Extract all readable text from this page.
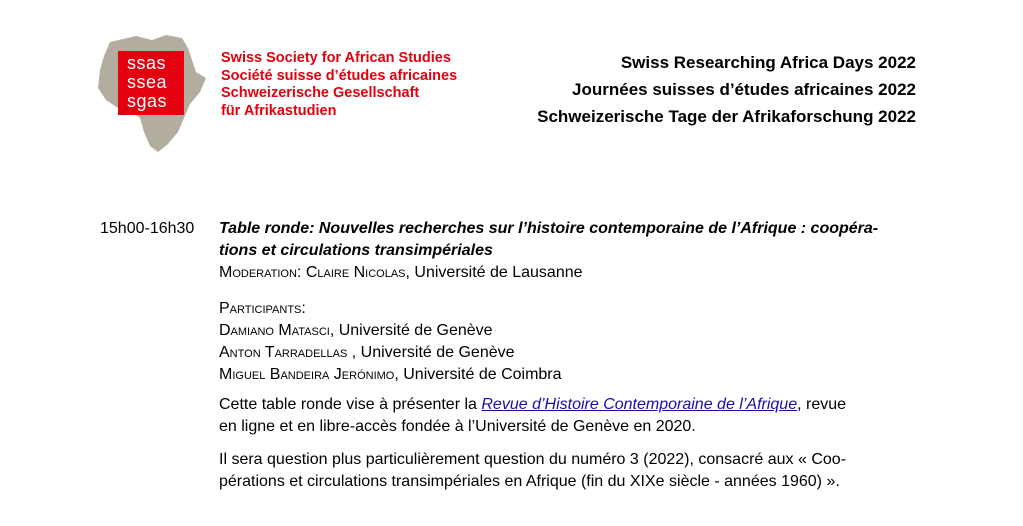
ssas
ssea
sgas
Swiss Society for African Studies
Société suisse d’études africaines
Schweizerische Gesellschaft
für Afrikastudien
Swiss Researching Africa Days 2022
Journées suisses d’études africaines 2022
Schweizerische Tage der Afrikaforschung 2022
15h00-16h30 Table ronde: Nouvelles recherches sur l’histoire contemporaine de l’Afrique : coopéra-
tions et circulations transimpériales

Moderation: Claire Nicolas, Université de Lausanne

Participants:

Damiano Matasci, Université de Genève

Anton Tarradellas , Université de Genève

Miguel Bandeira Jerónimo, Université de Coimbra

Cette table ronde vise à présenter la Revue d’Histoire Contemporaine de l’Afrique, revue
en ligne et en libre-accès fondée à l’Université de Genève en 2020.

Il sera question plus particulièrement question du numéro 3 (2022), consacré aux « Coo-
pérations et circulations transimpériales en Afrique (fin du XIXe siècle - années 1960) ».
